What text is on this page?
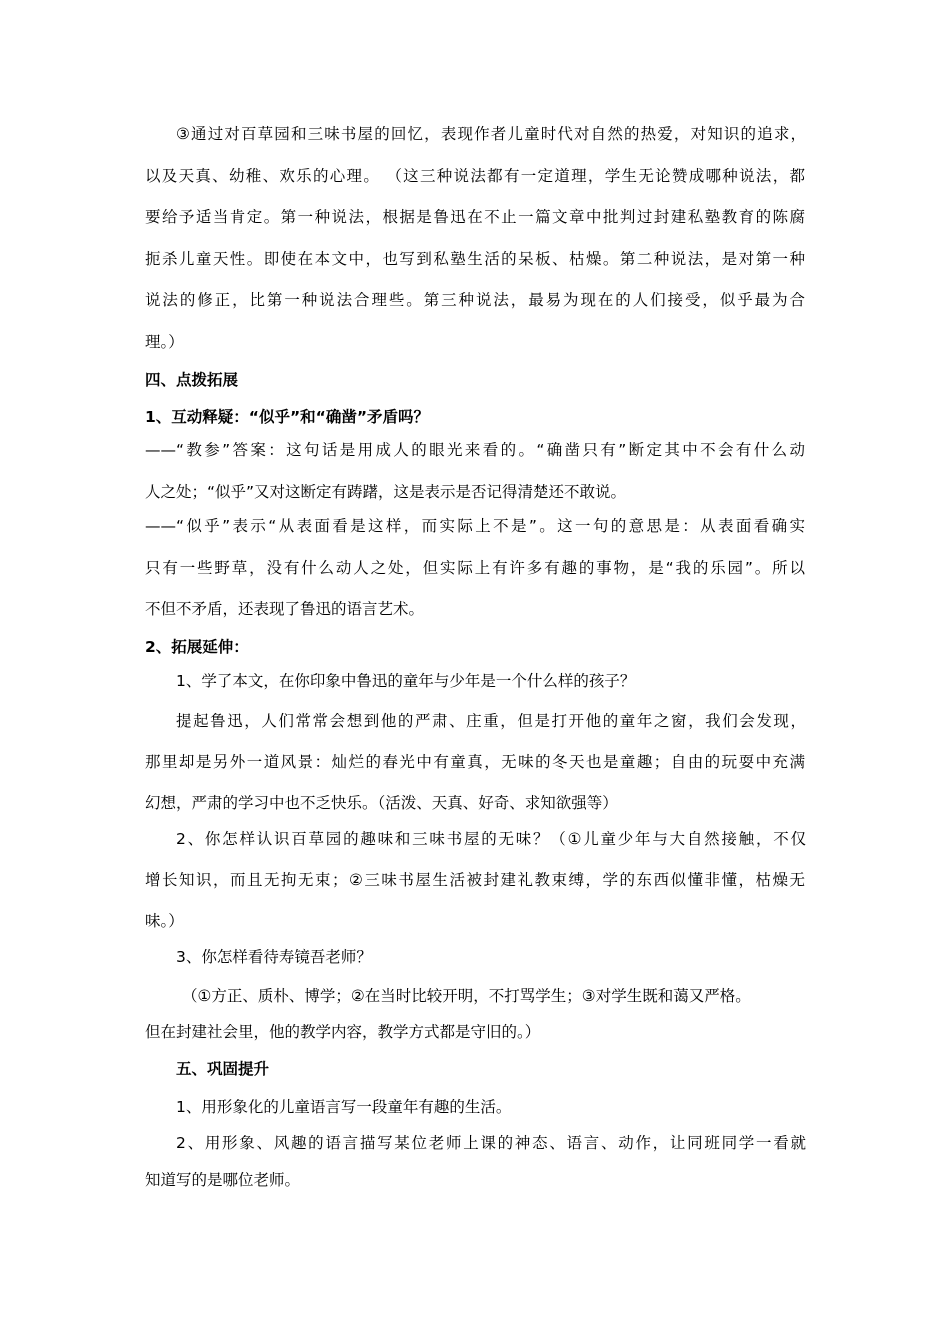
③通过对百草园和三味书屋的回忆，表现作者儿童时代对自然的热爱，对知识的追求，
以及天真、幼稚、欢乐的心理。 （这三种说法都有一定道理，学生无论赞成哪种说法，都
要给予适当肯定。第一种说法，根据是鲁迅在不止一篇文章中批判过封建私塾教育的陈腐
扼杀儿童天性。即使在本文中，也写到私塾生活的呆板、枯燥。第二种说法，是对第一种
说法的修正，比第一种说法合理些。第三种说法，最易为现在的人们接受，似乎最为合
理。）
四、点拨拓展
1、互动释疑：“似乎”和“确凿”矛盾吗？
——“教参”答案：这句话是用成人的眼光来看的。“确凿只有”断定其中不会有什么动
人之处；“似乎”又对这断定有踌躇，这是表示是否记得清楚还不敢说。
——“似乎”表示“从表面看是这样，而实际上不是”。这一句的意思是：从表面看确实
只有一些野草，没有什么动人之处，但实际上有许多有趣的事物，是“我的乐园”。所以
不但不矛盾，还表现了鲁迅的语言艺术。
2、拓展延伸：
1、学了本文，在你印象中鲁迅的童年与少年是一个什么样的孩子？
提起鲁迅，人们常常会想到他的严肃、庄重，但是打开他的童年之窗，我们会发现，
那里却是另外一道风景：灿烂的春光中有童真，无味的冬天也是童趣；自由的玩耍中充满
幻想，严肃的学习中也不乏快乐。（活泼、天真、好奇、求知欲强等）
2、你怎样认识百草园的趣味和三味书屋的无味？（①儿童少年与大自然接触，不仅
增长知识，而且无拘无束；②三味书屋生活被封建礼教束缚，学的东西似懂非懂，枯燥无
味。）
3、你怎样看待寿镜吾老师？
（①方正、质朴、博学；②在当时比较开明，不打骂学生；③对学生既和蔼又严格。
但在封建社会里，他的教学内容，教学方式都是守旧的。）
五、巩固提升
1、用形象化的儿童语言写一段童年有趣的生活。
2、用形象、风趣的语言描写某位老师上课的神态、语言、动作，让同班同学一看就
知道写的是哪位老师。
